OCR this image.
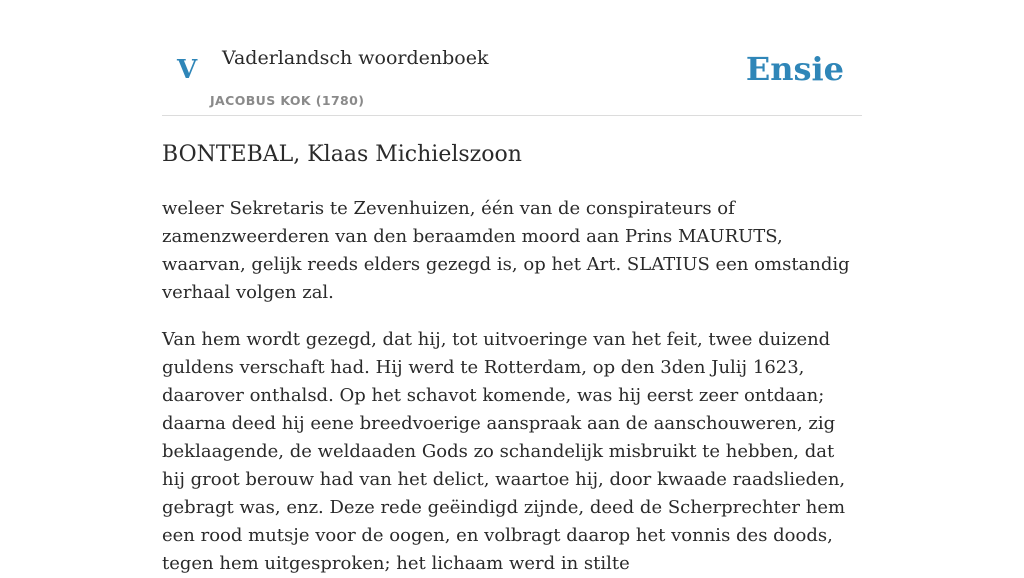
V Vaderlandsch woordenboek
JACOBUS KOK (1780)
Ensie
BONTEBAL, Klaas Michielszoon

weleer Sekretaris te Zevenhuizen, één van de conspirateurs of zamenzweerderen van den beraamden moord aan Prins MAURUTS, waarvan, gelijk reeds elders gezegd is, op het Art. SLATIUS een omstandig verhaal volgen zal.

Van hem wordt gezegd, dat hij, tot uitvoeringe van het feit, twee duizend guldens verschaft had. Hij werd te Rotterdam, op den 3den Julij 1623, daarover onthalsd. Op het schavot komende, was hij eerst zeer ontdaan; daarna deed hij eene breedvoerige aanspraak aan de aanschouweren, zig beklaagende, de weldaaden Gods zo schandelijk misbruikt te hebben, dat hij groot berouw had van het delict, waartoe hij, door kwaade raadslieden, gebragt was, enz. Deze rede geëindigd zijnde, deed de Scherprechter hem een rood mutsje voor de oogen, en volbragt daarop het vonnis des doods, tegen hem uitgesproken; het lichaam werd in stilte
